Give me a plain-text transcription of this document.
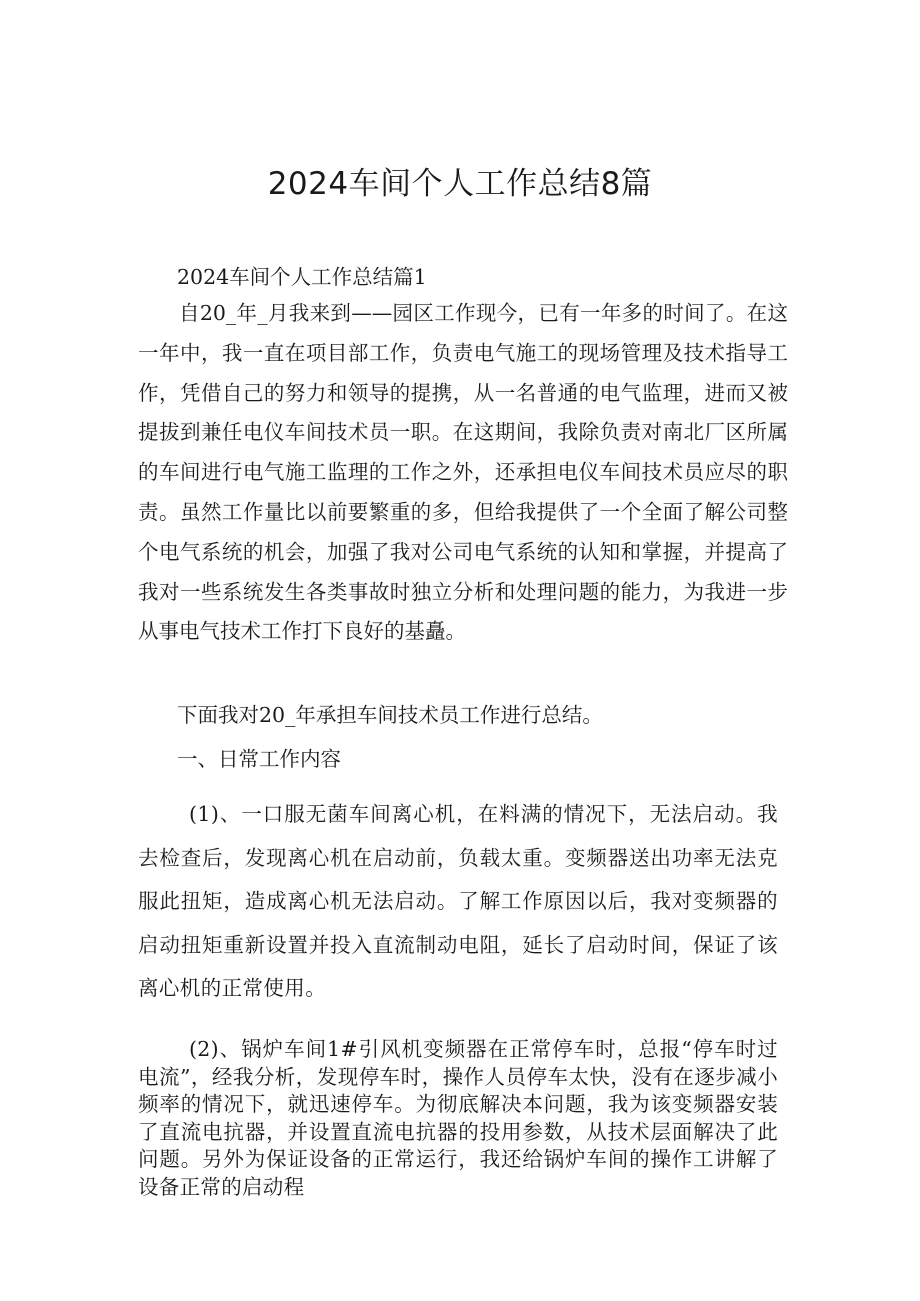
2024车间个人工作总结8篇

2024车间个人工作总结篇1

自20_年_月我来到——园区工作现今，已有一年多的时间了。在这一年中，我一直在项目部工作，负责电气施工的现场管理及技术指导工作，凭借自己的努力和领导的提携，从一名普通的电气监理，进而又被提拔到兼任电仪车间技术员一职。在这期间，我除负责对南北厂区所属的车间进行电气施工监理的工作之外，还承担电仪车间技术员应尽的职责。虽然工作量比以前要繁重的多，但给我提供了一个全面了解公司整个电气系统的机会，加强了我对公司电气系统的认知和掌握，并提高了我对一些系统发生各类事故时独立分析和处理问题的能力，为我进一步从事电气技术工作打下良好的基矗。

下面我对20_年承担车间技术员工作进行总结。

一、日常工作内容

(1)、一口服无菌车间离心机，在料满的情况下，无法启动。我去检查后，发现离心机在启动前，负载太重。变频器送出功率无法克服此扭矩，造成离心机无法启动。了解工作原因以后，我对变频器的启动扭矩重新设置并投入直流制动电阻，延长了启动时间，保证了该离心机的正常使用。

(2)、锅炉车间1#引风机变频器在正常停车时，总报“停车时过电流”，经我分析，发现停车时，操作人员停车太快，没有在逐步减小频率的情况下，就迅速停车。为彻底解决本问题，我为该变频器安装了直流电抗器，并设置直流电抗器的投用参数，从技术层面解决了此问题。另外为保证设备的正常运行，我还给锅炉车间的操作工讲解了设备正常的启动程
